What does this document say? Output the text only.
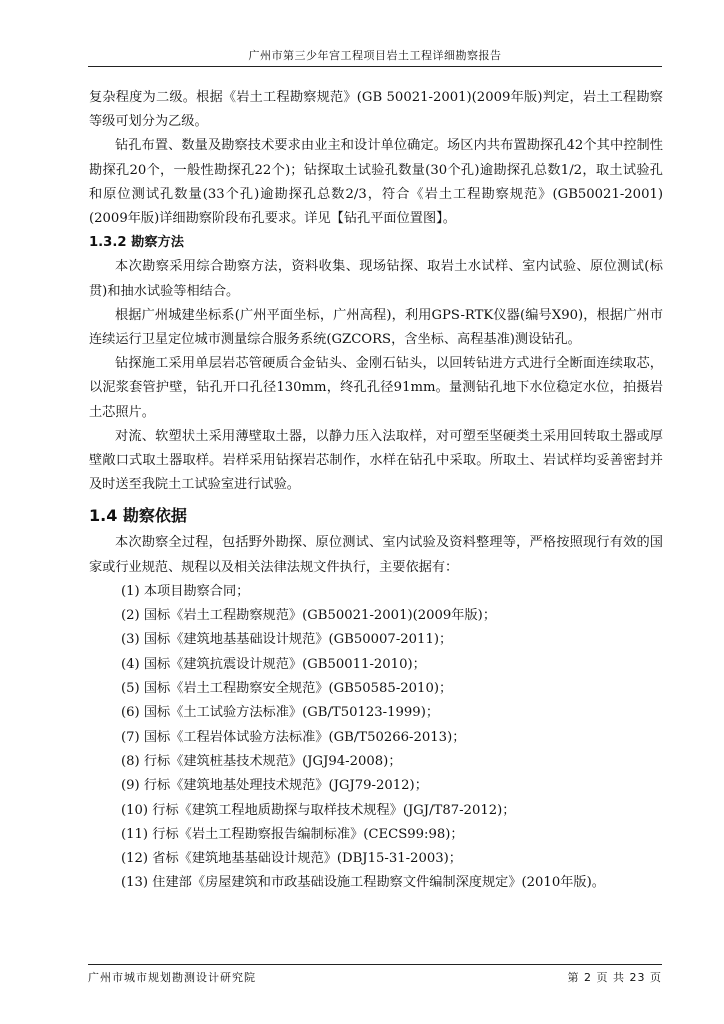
广州市第三少年宫工程项目岩土工程详细勘察报告

复杂程度为二级。根据《岩土工程勘察规范》(GB 50021-2001)(2009年版)判定，岩土工程勘察等级可划分为乙级。

钻孔布置、数量及勘察技术要求由业主和设计单位确定。场区内共布置勘探孔42个其中控制性勘探孔20个，一般性勘探孔22个)；钻探取土试验孔数量(30个孔)逾勘探孔总数1/2，取土试验孔和原位测试孔数量(33个孔)逾勘探孔总数2/3，符合《岩土工程勘察规范》(GB50021-2001)(2009年版)详细勘察阶段布孔要求。详见【钻孔平面位置图】。

1.3.2 勘察方法

本次勘察采用综合勘察方法，资料收集、现场钻探、取岩土水试样、室内试验、原位测试(标贯)和抽水试验等相结合。

根据广州城建坐标系(广州平面坐标，广州高程)，利用GPS-RTK仪器(编号X90)，根据广州市连续运行卫星定位城市测量综合服务系统(GZCORS，含坐标、高程基准)测设钻孔。

钻探施工采用单层岩芯管硬质合金钻头、金刚石钻头，以回转钻进方式进行全断面连续取芯，以泥浆套管护壁，钻孔开口孔径130mm，终孔孔径91mm。量测钻孔地下水位稳定水位，拍摄岩土芯照片。

对流、软塑状土采用薄壁取土器，以静力压入法取样，对可塑至坚硬类土采用回转取土器或厚壁敞口式取土器取样。岩样采用钻探岩芯制作，水样在钻孔中采取。所取土、岩试样均妥善密封并及时送至我院土工试验室进行试验。

1.4 勘察依据

本次勘察全过程，包括野外勘探、原位测试、室内试验及资料整理等，严格按照现行有效的国家或行业规范、规程以及相关法律法规文件执行，主要依据有：

(1) 本项目勘察合同；

(2) 国标《岩土工程勘察规范》(GB50021-2001)(2009年版)；

(3) 国标《建筑地基基础设计规范》(GB50007-2011)；

(4) 国标《建筑抗震设计规范》(GB50011-2010)；

(5) 国标《岩土工程勘察安全规范》(GB50585-2010)；

(6) 国标《土工试验方法标准》(GB/T50123-1999)；

(7) 国标《工程岩体试验方法标准》(GB/T50266-2013)；

(8) 行标《建筑桩基技术规范》(JGJ94-2008)；

(9) 行标《建筑地基处理技术规范》(JGJ79-2012)；

(10) 行标《建筑工程地质勘探与取样技术规程》(JGJ/T87-2012)；

(11) 行标《岩土工程勘察报告编制标准》(CECS99:98)；

(12) 省标《建筑地基基础设计规范》(DBJ15-31-2003)；

(13) 住建部《房屋建筑和市政基础设施工程勘察文件编制深度规定》(2010年版)。

广州市城市规划勘测设计研究院	第 2 页 共 23 页
